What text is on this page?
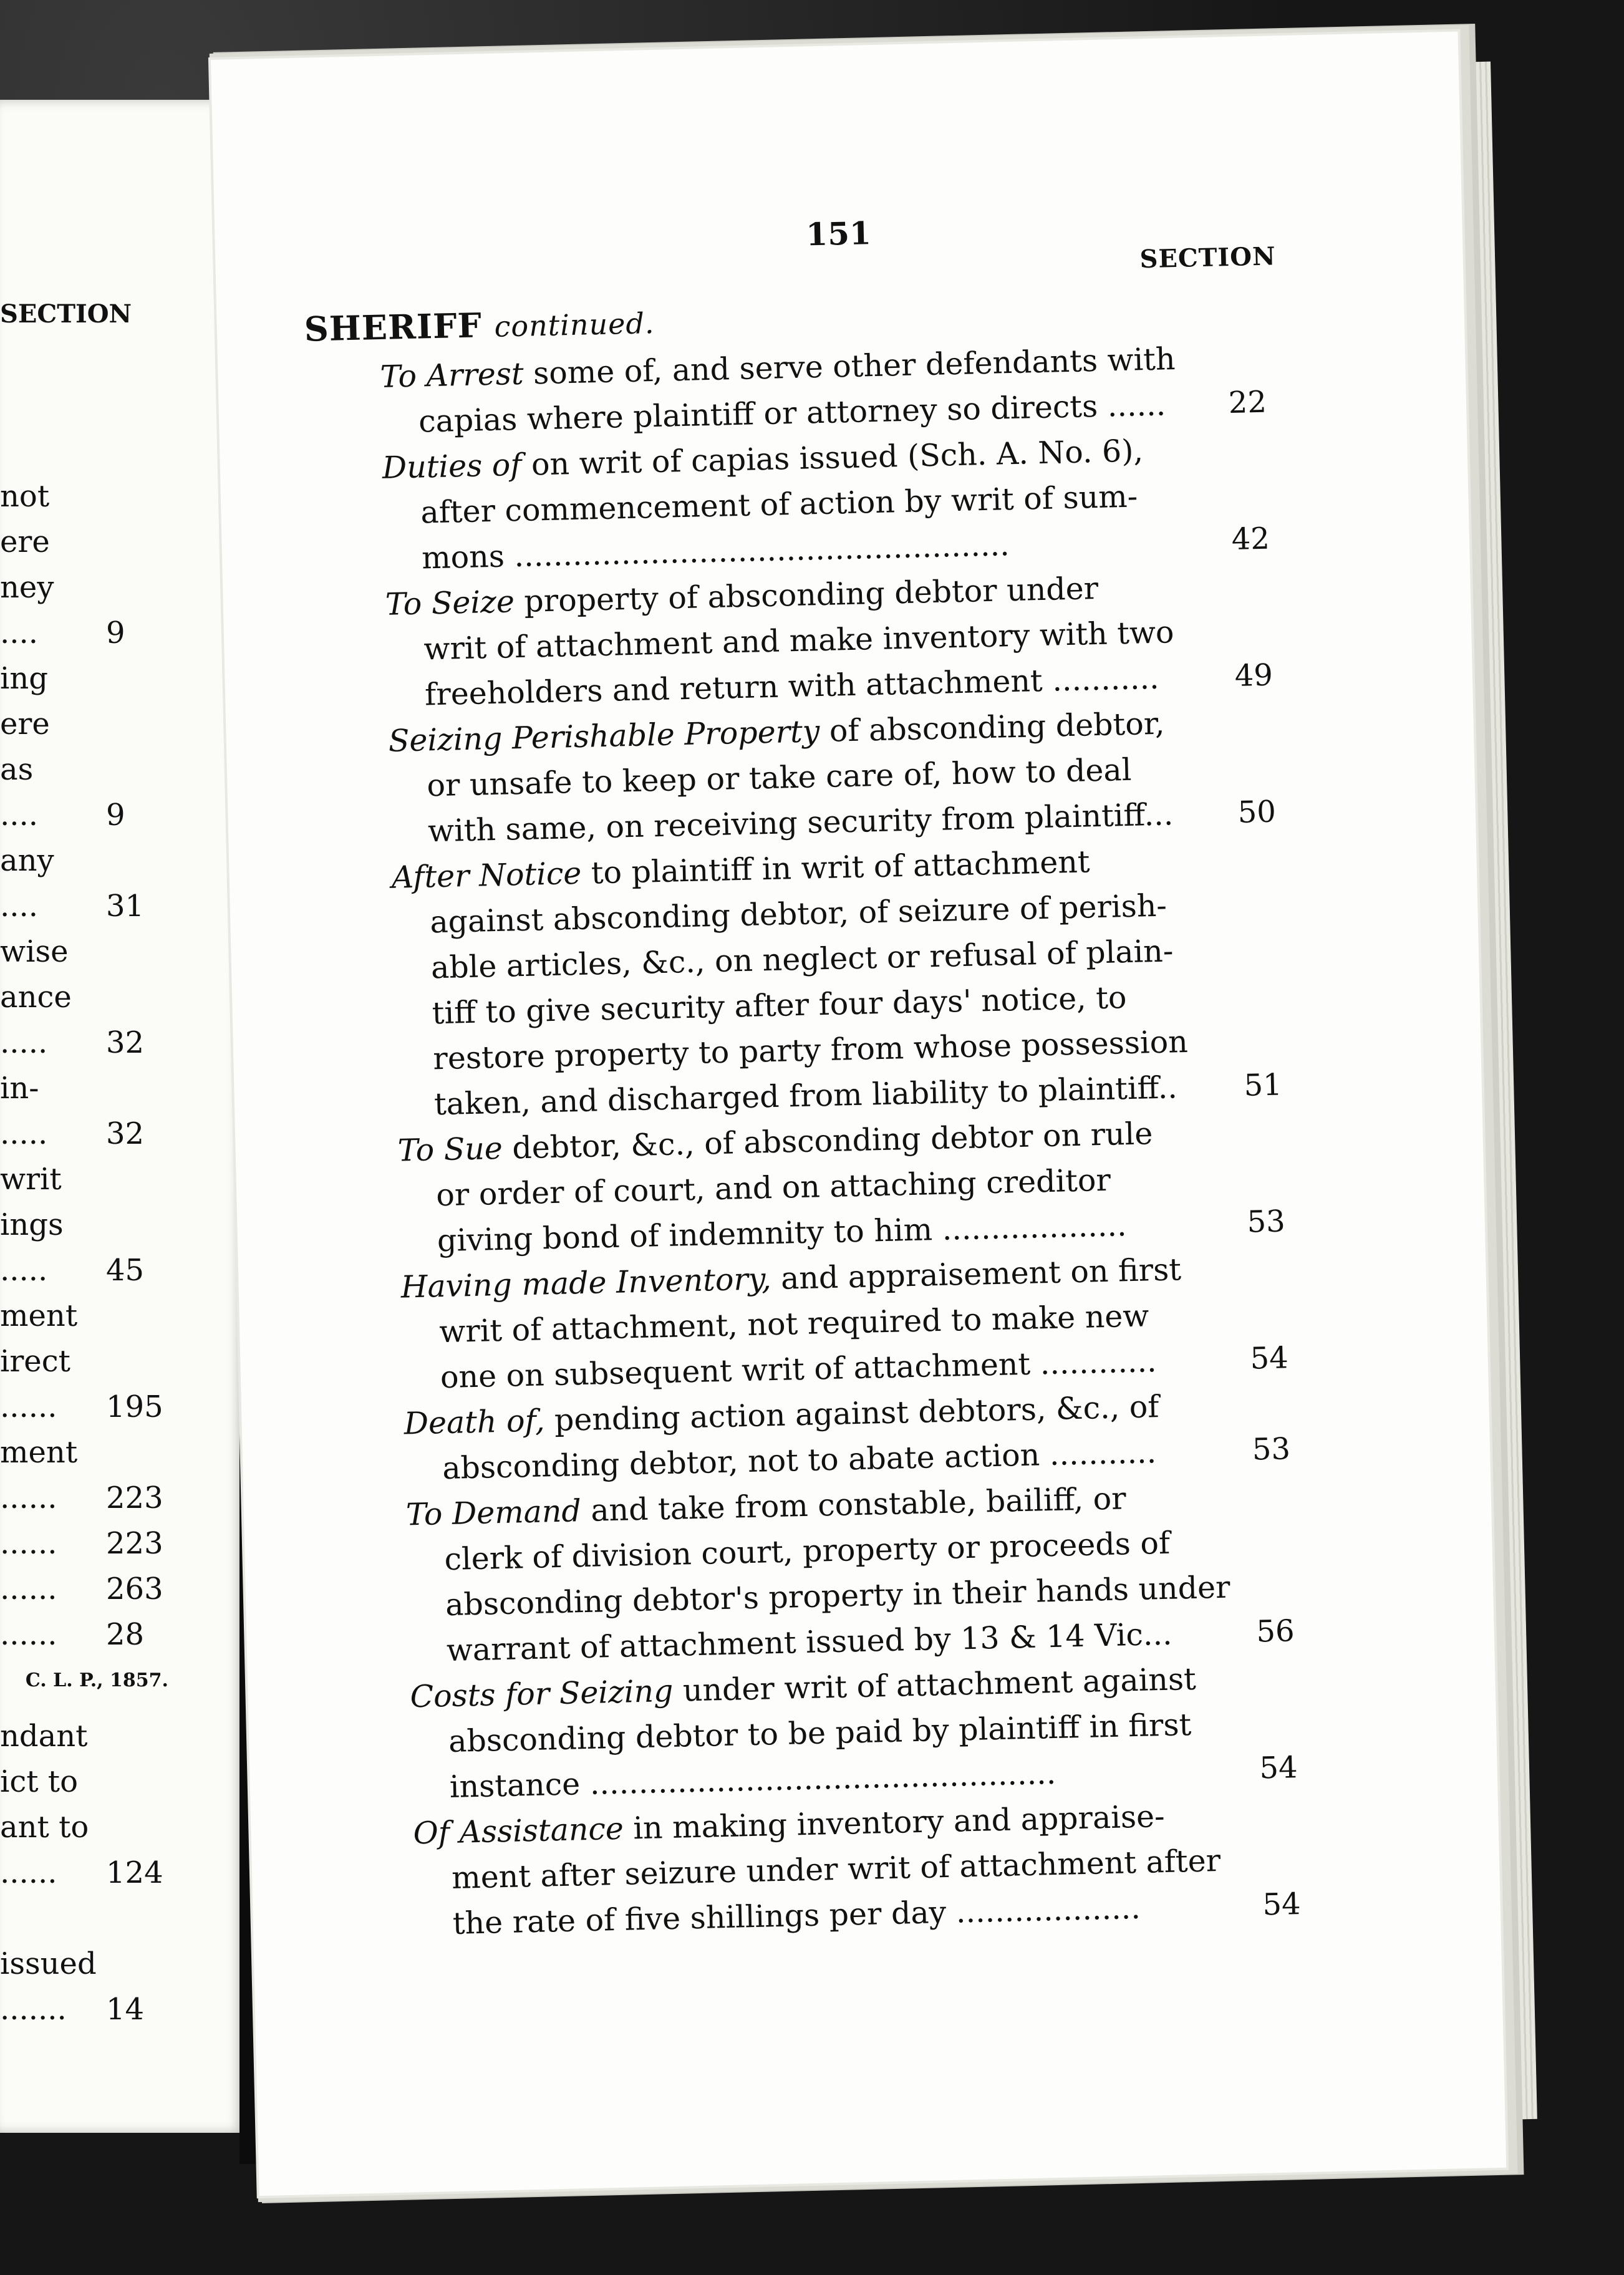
SECTION
not
ere
ney
.... 9
ing
ere
as
.... 9
any
.... 31
wise
ance
..... 32
in-
..... 32
writ
ings
..... 45
ment
irect
...... 195
ment
...... 223
...... 223
...... 263
...... 28
C. L. P., 1857.
ndant
ict to
ant to
...... 124
issued
....... 14
151
SECTION
SHERIFF continued.
To Arrest some of, and serve other defendants with
capias where plaintiff or attorney so directs ......	22
Duties of on writ of capias issued (Sch. A. No. 6),
after commencement of action by writ of sum-
mons ...................................................	42
To Seize property of absconding debtor under
writ of attachment and make inventory with two
freeholders and return with attachment ...........	49
Seizing Perishable Property of absconding debtor,
or unsafe to keep or take care of, how to deal
with same, on receiving security from plaintiff...	50
After Notice to plaintiff in writ of attachment
against absconding debtor, of seizure of perish-
able articles, &c., on neglect or refusal of plain-
tiff to give security after four days' notice, to
restore property to party from whose possession
taken, and discharged from liability to plaintiff..	51
To Sue debtor, &c., of absconding debtor on rule
or order of court, and on attaching creditor
giving bond of indemnity to him ...................	53
Having made Inventory, and appraisement on first
writ of attachment, not required to make new
one on subsequent writ of attachment ............	54
Death of, pending action against debtors, &c., of
absconding debtor, not to abate action ...........	53
To Demand and take from constable, bailiff, or
clerk of division court, property or proceeds of
absconding debtor's property in their hands under
warrant of attachment issued by 13 & 14 Vic...	56
Costs for Seizing under writ of attachment against
absconding debtor to be paid by plaintiff in first
instance ................................................	54
Of Assistance in making inventory and appraise-
ment after seizure under writ of attachment after
the rate of five shillings per day ...................	54
